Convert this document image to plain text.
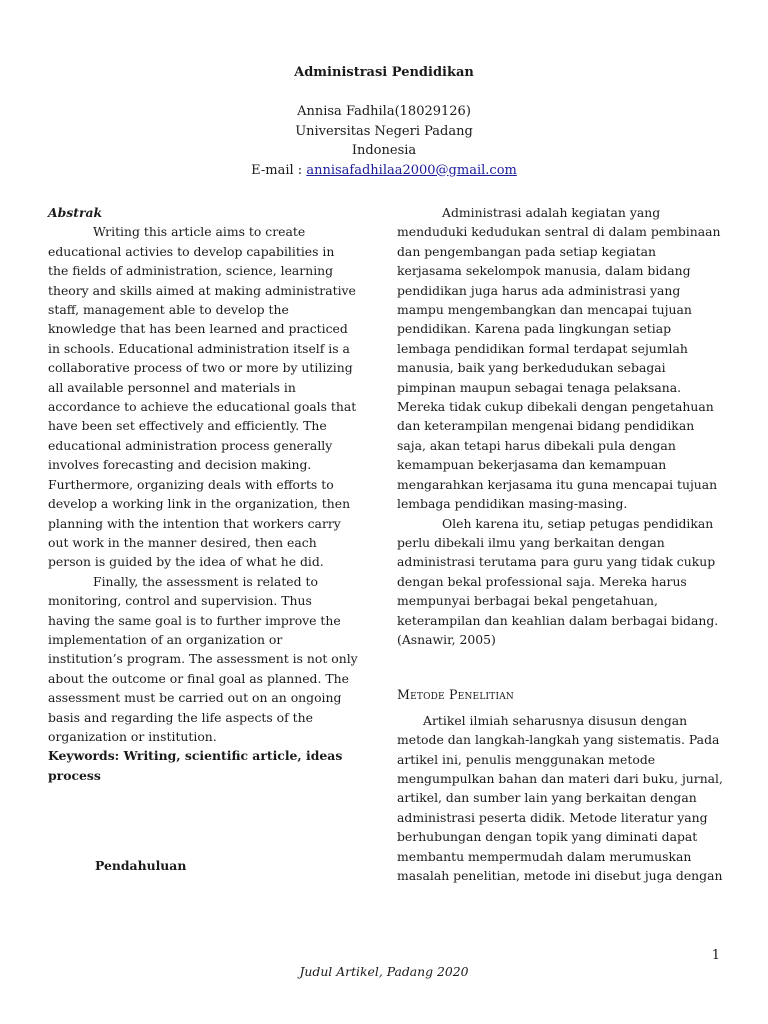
Administrasi Pendidikan
Annisa Fadhila(18029126)
Universitas Negeri Padang
Indonesia
E-mail : annisafadhilaa2000@gmail.com

Abstrak

Writing this article aims to create educational activies to develop capabilities in the fields of administration, science, learning theory and skills aimed at making administrative staff, management able to develop the knowledge that has been learned and practiced in schools. Educational administration itself is a collaborative process of two or more by utilizing all available personnel and materials in accordance to achieve the educational goals that have been set effectively and efficiently. The educational administration process generally involves forecasting and decision making. Furthermore, organizing deals with efforts to develop a working link in the organization, then planning with the intention that workers carry out work in the manner desired, then each person is guided by the idea of what he did.

Finally, the assessment is related to monitoring, control and supervision. Thus having the same goal is to further improve the implementation of an organization or institution’s program. The assessment is not only about the outcome or final goal as planned. The assessment must be carried out on an ongoing basis and regarding the life aspects of the organization or institution.

Keywords: Writing, scientific article, ideas process

Pendahuluan

Administrasi adalah kegiatan yang menduduki kedudukan sentral di dalam pembinaan dan pengembangan pada setiap kegiatan kerjasama sekelompok manusia, dalam bidang pendidikan juga harus ada administrasi yang mampu mengembangkan dan mencapai tujuan pendidikan. Karena pada lingkungan setiap lembaga pendidikan formal terdapat sejumlah manusia, baik yang berkedudukan sebagai pimpinan maupun sebagai tenaga pelaksana. Mereka tidak cukup dibekali dengan pengetahuan dan keterampilan mengenai bidang pendidikan saja, akan tetapi harus dibekali pula dengan kemampuan bekerjasama dan kemampuan mengarahkan kerjasama itu guna mencapai tujuan lembaga pendidikan masing-masing.

Oleh karena itu, setiap petugas pendidikan perlu dibekali ilmu yang berkaitan dengan administrasi terutama para guru yang tidak cukup dengan bekal professional saja. Mereka harus mempunyai berbagai bekal pengetahuan, keterampilan dan keahlian dalam berbagai bidang. (Asnawir, 2005)

Metode Penelitian

Artikel ilmiah seharusnya disusun dengan metode dan langkah-langkah yang sistematis. Pada artikel ini, penulis menggunakan metode mengumpulkan bahan dan materi dari buku, jurnal, artikel, dan sumber lain yang berkaitan dengan administrasi peserta didik. Metode literatur yang berhubungan dengan topik yang diminati dapat membantu mempermudah dalam merumuskan masalah penelitian, metode ini disebut juga dengan

1
Judul Artikel, Padang 2020
